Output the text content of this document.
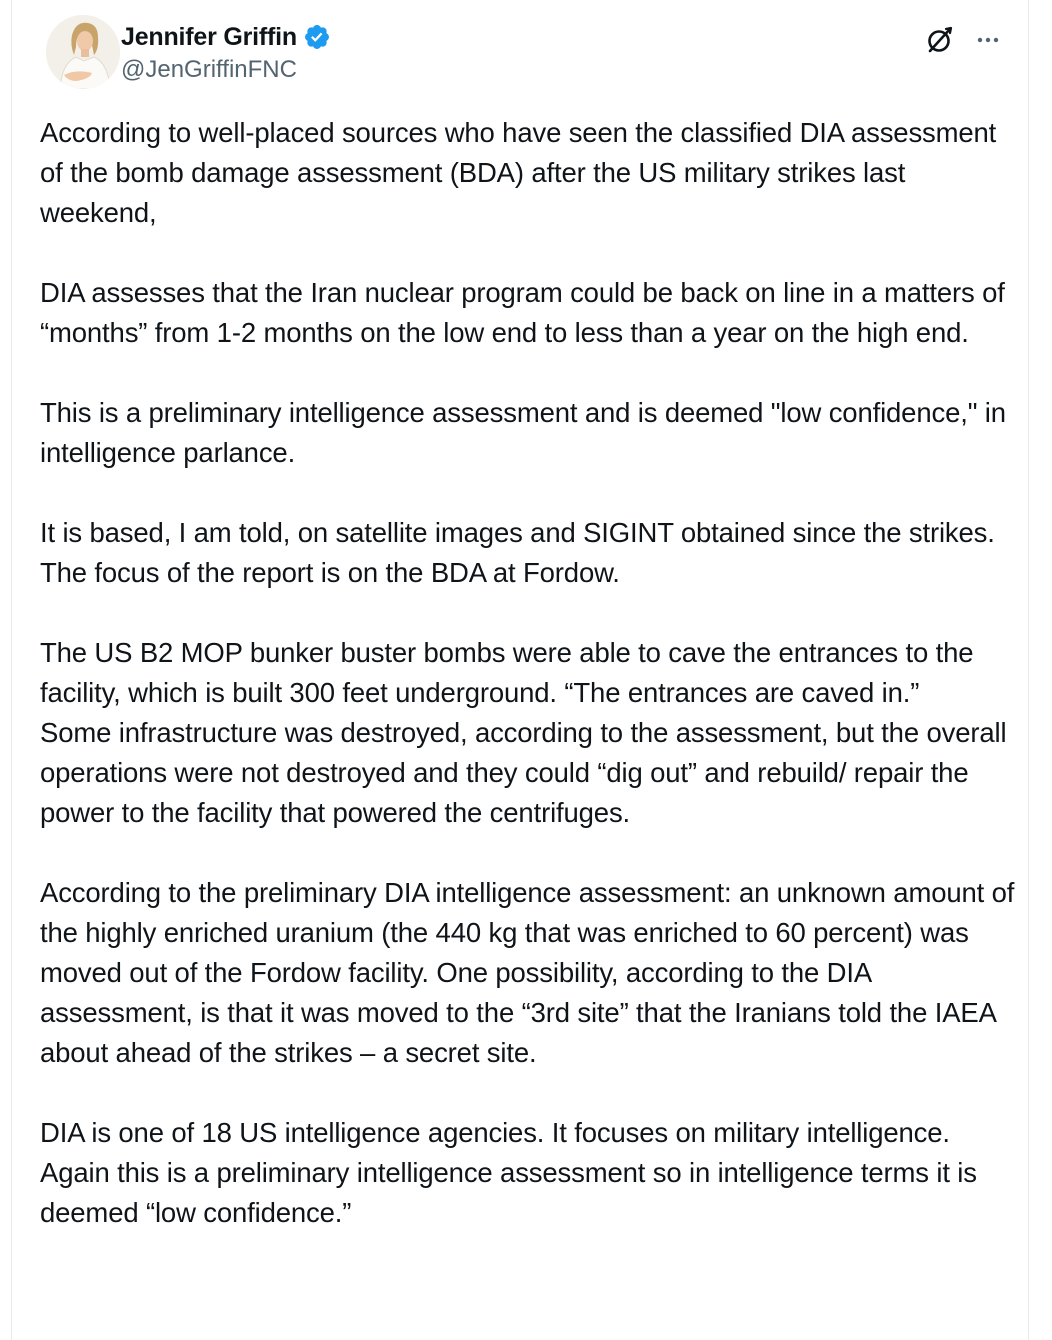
Jennifer Griffin
@JenGriffinFNC

According to well-placed sources who have seen the classified DIA assessment of the bomb damage assessment (BDA) after the US military strikes last weekend,

DIA assesses that the Iran nuclear program could be back on line in a matters of “months” from 1-2 months on the low end to less than a year on the high end.

This is a preliminary intelligence assessment and is deemed "low confidence," in intelligence parlance.

It is based, I am told, on satellite images and SIGINT obtained since the strikes. The focus of the report is on the BDA at Fordow.

The US B2 MOP bunker buster bombs were able to cave the entrances to the facility, which is built 300 feet underground. “The entrances are caved in.”

Some infrastructure was destroyed, according to the assessment, but the overall operations were not destroyed and they could “dig out” and rebuild/ repair the power to the facility that powered the centrifuges.

According to the preliminary DIA intelligence assessment: an unknown amount of the highly enriched uranium (the 440 kg that was enriched to 60 percent) was moved out of the Fordow facility. One possibility, according to the DIA assessment, is that it was moved to the “3rd site” that the Iranians told the IAEA about ahead of the strikes – a secret site.

DIA is one of 18 US intelligence agencies. It focuses on military intelligence. Again this is a preliminary intelligence assessment so in intelligence terms it is deemed “low confidence.”
